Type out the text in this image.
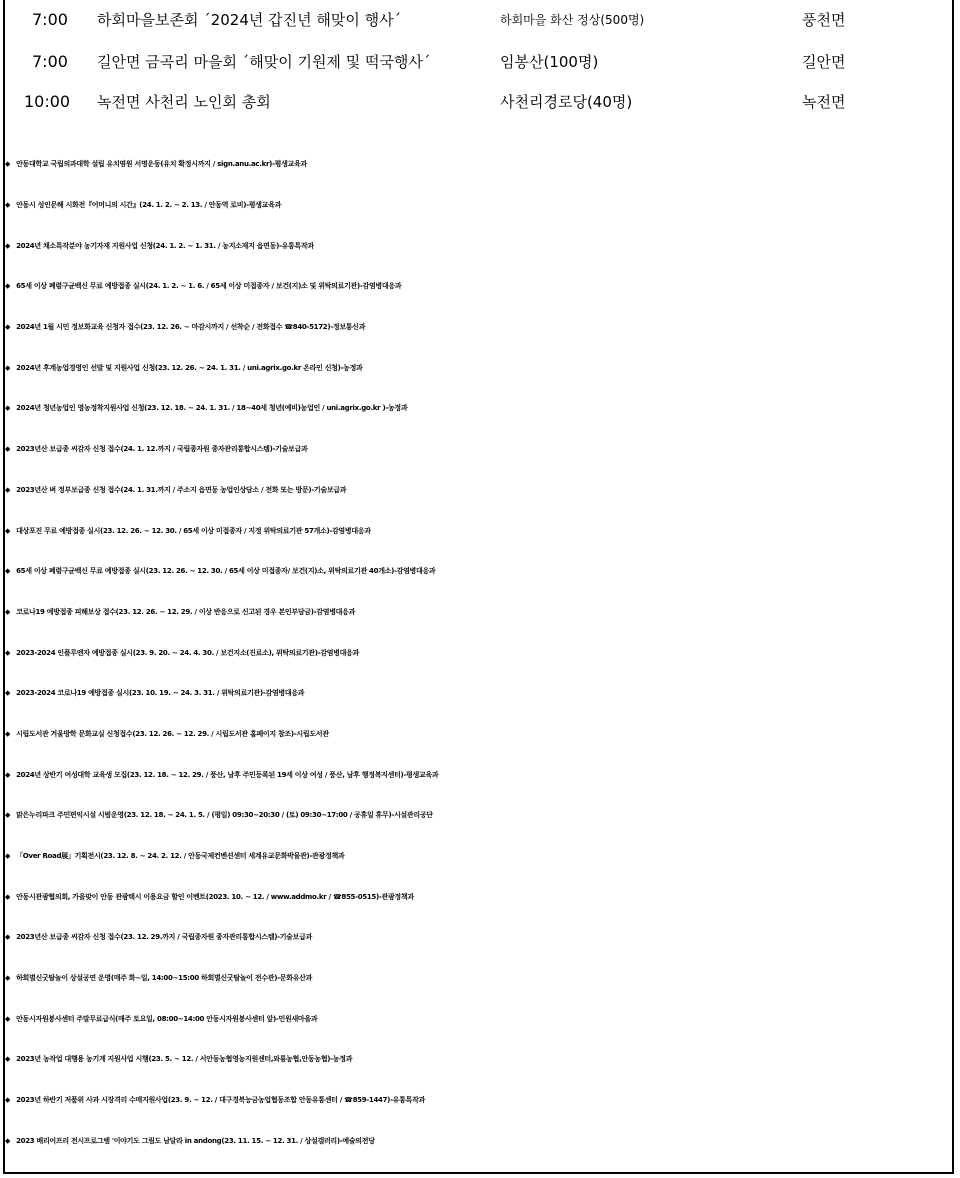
7:00 하회마을보존회 ´2024년 갑진년 해맞이 행사´	하회마을 화산 정상(500명)	풍천면
7:00 길안면 금곡리 마을회 ´해맞이 기원제 및 떡국행사´	임봉산(100명)	길안면
10:00 녹전면 사천리 노인회 총회	사천리경로당(40명)	녹전면
◆ 안동대학교 국립의과대학 설립 유치염원 서명운동(유치 확정시까지 / sign.anu.ac.kr)-평생교육과
◆ 안동시 성인문해 시화전『어머니의 시간』(24. 1. 2. ~ 2. 13. / 안동역 로비)-평생교육과
◆ 2024년 채소특작분야 농기자재 지원사업 신청(24. 1. 2. ~ 1. 31. / 농지소재지 읍면동)-유통특작과
◆ 65세 이상 폐렴구균백신 무료 예방접종 실시(24. 1. 2. ~ 1. 6. / 65세 이상 미접종자 / 보건(지)소 및 위탁의료기관)-감염병대응과
◆ 2024년 1월 시민 정보화교육 신청자 접수(23. 12. 26. ~ 마감시까지 / 선착순 / 전화접수 ☎840-5172)-정보통신과
◆ 2024년 후계농업경영인 선발 및 지원사업 신청(23. 12. 26. ~ 24. 1. 31. / uni.agrix.go.kr 온라인 신청)-농정과
◆ 2024년 청년농업인 영농정착지원사업 신청(23. 12. 18. ~ 24. 1. 31. / 18~40세 청년(예비)농업인 / uni.agrix.go.kr )-농정과
◆ 2023년산 보급종 씨감자 신청 접수(24. 1. 12.까지 / 국립종자원 종자관리통합시스템)-기술보급과
◆ 2023년산 벼 정부보급종 신청 접수(24. 1. 31.까지 / 주소지 읍면동 농업인상담소 / 전화 또는 방문)-기술보급과
◆ 대상포진 무료 예방접종 실시(23. 12. 26. ~ 12. 30. / 65세 이상 미접종자 / 지정 위탁의료기관 57개소)-감염병대응과
◆ 65세 이상 폐렴구균백신 무료 예방접종 실시(23. 12. 26. ~ 12. 30. / 65세 이상 미접종자/ 보건(지)소, 위탁의료기관 40개소)-감염병대응과
◆ 코로나19 예방접종 피해보상 접수(23. 12. 26. ~ 12. 29. / 이상 반응으로 신고된 경우 본인부담금)-감염병대응과
◆ 2023-2024 인플루엔자 예방접종 실시(23. 9. 20. ~ 24. 4. 30. / 보건지소(진료소), 위탁의료기관)-감염병대응과
◆ 2023-2024 코로나19 예방접종 실시(23. 10. 19. ~ 24. 3. 31. / 위탁의료기관)-감염병대응과
◆ 시립도서관 겨울방학 문화교실 신청접수(23. 12. 26. ~ 12. 29. / 시립도서관 홈페이지 참조)-시립도서관
◆ 2024년 상반기 여성대학 교육생 모집(23. 12. 18. ~ 12. 29. / 풍산, 남후 주민등록된 19세 이상 여성 / 풍산, 남후 행정복지센터)-평생교육과
◆ 맑은누리파크 주민편익시설 시범운영(23. 12. 18. ~ 24. 1. 5. / (평일) 09:30~20:30 / (토) 09:30~17:00 / 공휴일 휴무)-시설관리공단
◆ 「Over Road展」기획전시(23. 12. 8. ~ 24. 2. 12. / 안동국제컨벤션센터 세계유교문화박물관)-관광정책과
◆ 안동시관광협의회, 가을맞이 안동 관광택시 이용요금 할인 이벤트(2023. 10. ~ 12. / www.addmo.kr / ☎855-0515)-관광정책과
◆ 2023년산 보급종 씨감자 신청 접수(23. 12. 29.까지 / 국립종자원 종자관리통합시스템)-기술보급과
◆ 하회별신굿탈놀이 상설공연 운영(매주 화~일, 14:00~15:00 하회별신굿탈놀이 전수관)-문화유산과
◆ 안동시자원봉사센터 주말무료급식(매주 토요일, 08:00~14:00 안동시자원봉사센터 앞)-민원새마을과
◆ 2023년 농작업 대행용 농기계 지원사업 시행(23. 5. ~ 12. / 서안동농협영농지원센터,와룡농협,안동농협)-농정과
◆ 2023년 하반기 저품위 사과 시장격리 수매지원사업(23. 9. ~ 12. / 대구경북능금농업협동조합 안동유통센터 / ☎859-1447)-유통특작과
◆ 2023 배리어프리 전시프로그램 '이야기도 그림도 남달라 in andong(23. 11. 15. ~ 12. 31. / 상설갤러리)-예술의전당
